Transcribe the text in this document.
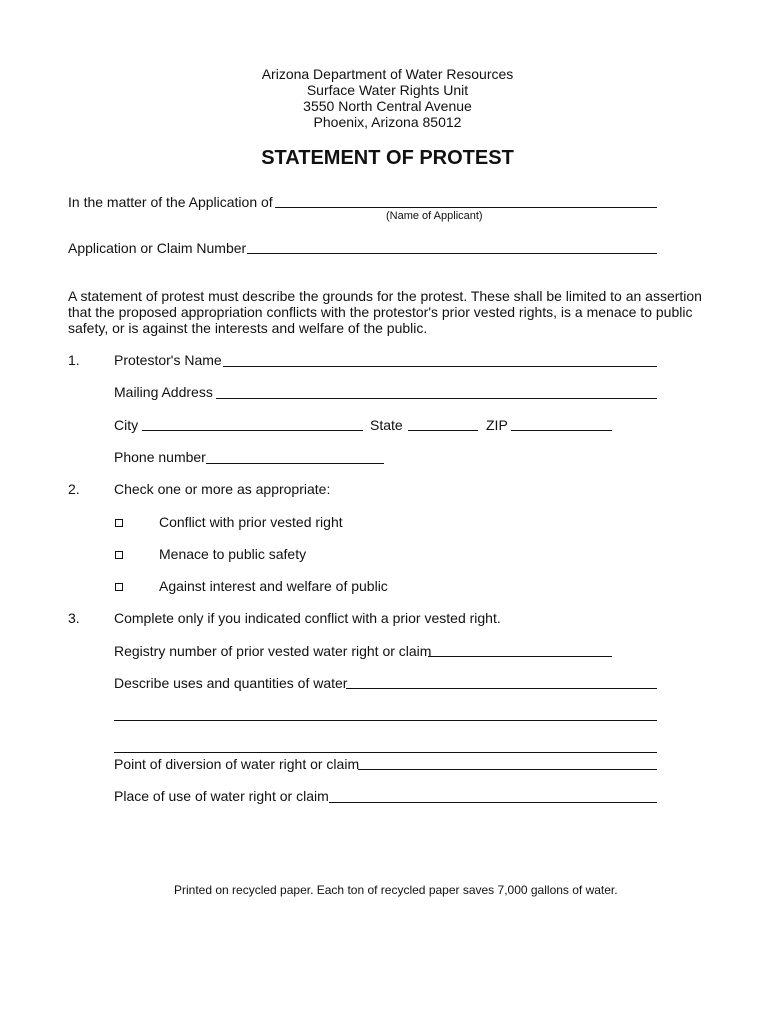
Arizona Department of Water Resources
Surface Water Rights Unit
3550 North Central Avenue
Phoenix, Arizona 85012
STATEMENT OF PROTEST
In the matter of the Application of
(Name of Applicant)
Application or Claim Number
A statement of protest must describe the grounds for the protest. These shall be limited to an assertion that the proposed appropriation conflicts with the protestor's prior vested rights, is a menace to public safety, or is against the interests and welfare of the public.
1. Protestor's Name
Mailing Address
City	State	ZIP
Phone number
2. Check one or more as appropriate:
Conflict with prior vested right
Menace to public safety
Against interest and welfare of public
3. Complete only if you indicated conflict with a prior vested right.
Registry number of prior vested water right or claim
Describe uses and quantities of water
Point of diversion of water right or claim
Place of use of water right or claim
Printed on recycled paper. Each ton of recycled paper saves 7,000 gallons of water.
